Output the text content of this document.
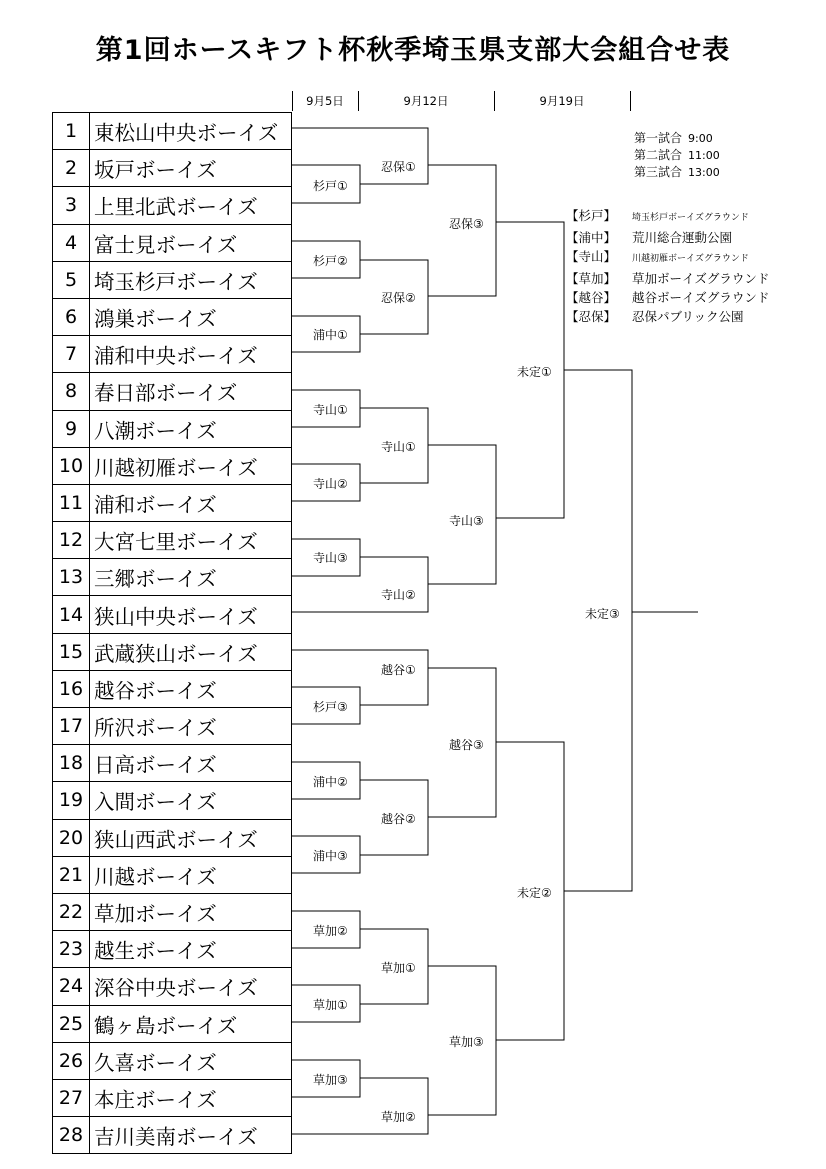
第1回ホースキフト杯秋季埼玉県支部大会組合せ表
9月5日	9月12日	9月19日
1	東松山中央ボーイズ
2	坂戸ボーイズ
3	上里北武ボーイズ
4	富士見ボーイズ
5	埼玉杉戸ボーイズ
6	鴻巣ボーイズ
7	浦和中央ボーイズ
8	春日部ボーイズ
9	八潮ボーイズ
10	川越初雁ボーイズ
11	浦和ボーイズ
12	大宮七里ボーイズ
13	三郷ボーイズ
14	狭山中央ボーイズ
15	武蔵狭山ボーイズ
16	越谷ボーイズ
17	所沢ボーイズ
18	日高ボーイズ
19	入間ボーイズ
20	狭山西武ボーイズ
21	川越ボーイズ
22	草加ボーイズ
23	越生ボーイズ
24	深谷中央ボーイズ
25	鶴ヶ島ボーイズ
26	久喜ボーイズ
27	本庄ボーイズ
28	吉川美南ボーイズ
杉戸①
杉戸②
浦中①
寺山①
寺山②
寺山③
杉戸③
浦中②
浦中③
草加②
草加①
草加③
忍保①
忍保②
寺山①
寺山②
越谷①
越谷②
草加①
草加②
忍保③
寺山③
越谷③
草加③
未定①
未定②
未定③
第一試合 9:00
第二試合 11:00
第三試合 13:00
【杉戸】 埼玉杉戸ボーイズグラウンド
【浦中】 荒川総合運動公園
【寺山】 川越初雁ボーイズグラウンド
【草加】 草加ボーイズグラウンド
【越谷】 越谷ボーイズグラウンド
【忍保】 忍保パブリック公園
